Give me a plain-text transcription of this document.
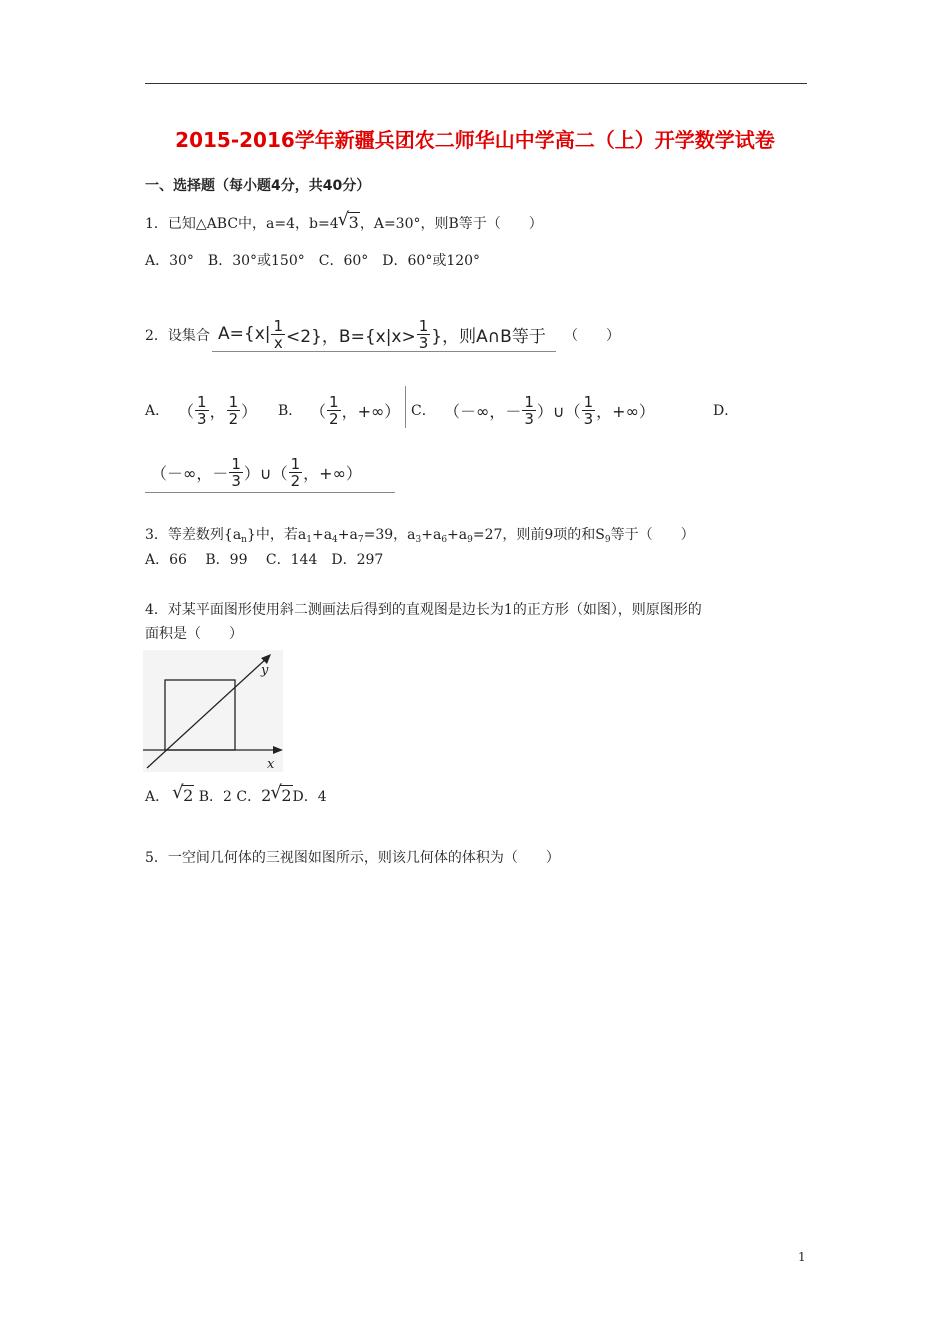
2015-2016学年新疆兵团农二师华山中学高二（上）开学数学试卷
一、选择题（每小题4分，共40分）
1．已知△ABC中，a=4，b=4 √ 3，A=30°，则B等于（　　）
A．30°　B．30°或150°　C．60°　D．60°或120°
2．设集合 $A=\{x| \frac{1}{x} <2\}$，$B=\{x|x> \frac{1}{3}$ }，则A∩B等于 （　　）
A． （ $\frac{1}{3}$ ， $\frac{1}{2}$ ） B． （ $\frac{1}{2}$ ，+∞） C． （－∞，－ $\frac{1}{3}$ ）∪（ $\frac{1}{3}$ ，+∞）	D．
（－∞，－ $\frac{1}{3}$ ）∪（ $\frac{1}{2}$ ，+∞）
3．等差数列$\{a_n\}$中，若$a_1+a_4+a_7=39$，$a_3+a_6+a_9=27$，则前9项的和$S_9$等于（　　）
A．66　 B．99　 C．144　D．297
4．对某平面图形使用斜二测画法后得到的直观图是边长为1的正方形（如图），则原图形的
面积是（　　）
y
x
A． √ 2 B．2 C．2 √ 2D．4
5．一空间几何体的三视图如图所示，则该几何体的体积为（　　）
1
